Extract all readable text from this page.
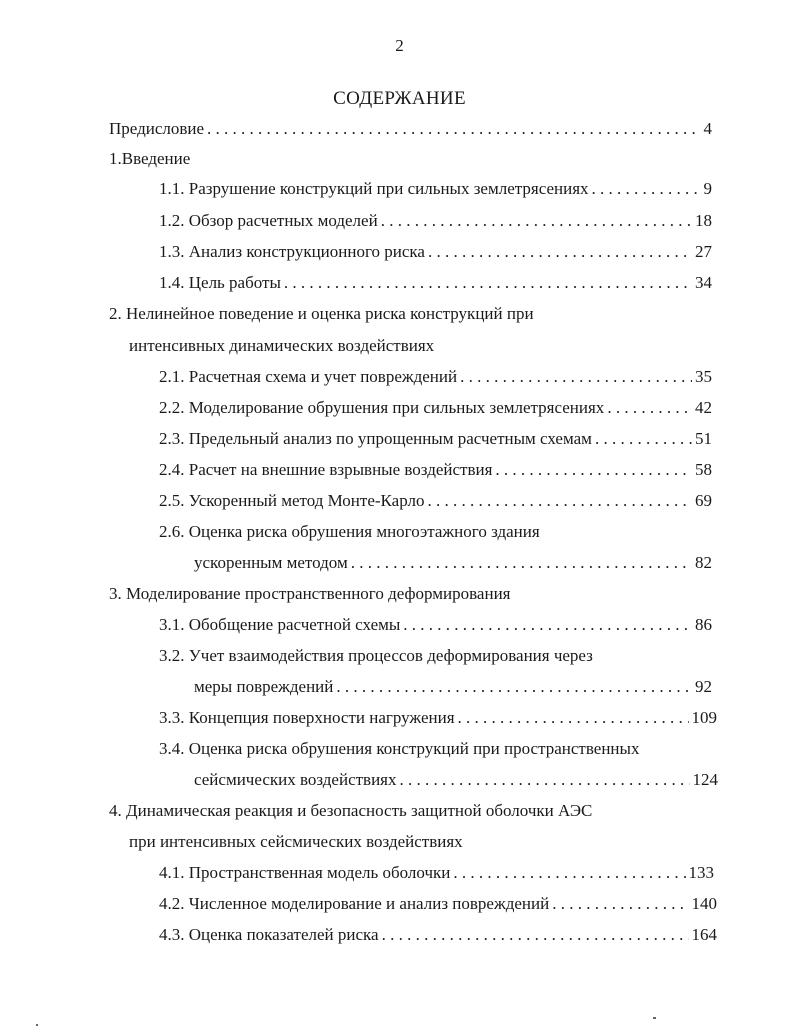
2
СОДЕРЖАНИЕ
Предисловие . . .	4
1.Введение
1.1. Разрушение конструкций при сильных землетрясениях . . .	9
1.2. Обзор расчетных моделей . . .	18
1.3. Анализ конструкционного риска . . .	27
1.4. Цель работы . . .	34
2. Нелинейное поведение и оценка риска конструкций при
интенсивных динамических воздействиях
2.1. Расчетная схема и учет повреждений . . .	35
2.2. Моделирование обрушения при сильных землетрясениях . . .	42
2.3. Предельный анализ по упрощенным расчетным схемам . . .	51
2.4. Расчет на внешние взрывные воздействия . . .	58
2.5. Ускоренный метод Монте-Карло . . .	69
2.6. Оценка риска обрушения многоэтажного здания
ускоренным методом . . .	82
3. Моделирование пространственного деформирования
3.1. Обобщение расчетной схемы . . .	86
3.2. Учет взаимодействия процессов деформирования через
меры повреждений . . .	92
3.3. Концепция поверхности нагружения . . .	109
3.4. Оценка риска обрушения конструкций при пространственных
сейсмических воздействиях . . .	124
4. Динамическая реакция и безопасность защитной оболочки АЭС
при интенсивных сейсмических воздействиях
4.1. Пространственная модель оболочки . . .	133
4.2. Численное моделирование и анализ повреждений . . .	140
4.3. Оценка показателей риска . . .	164
